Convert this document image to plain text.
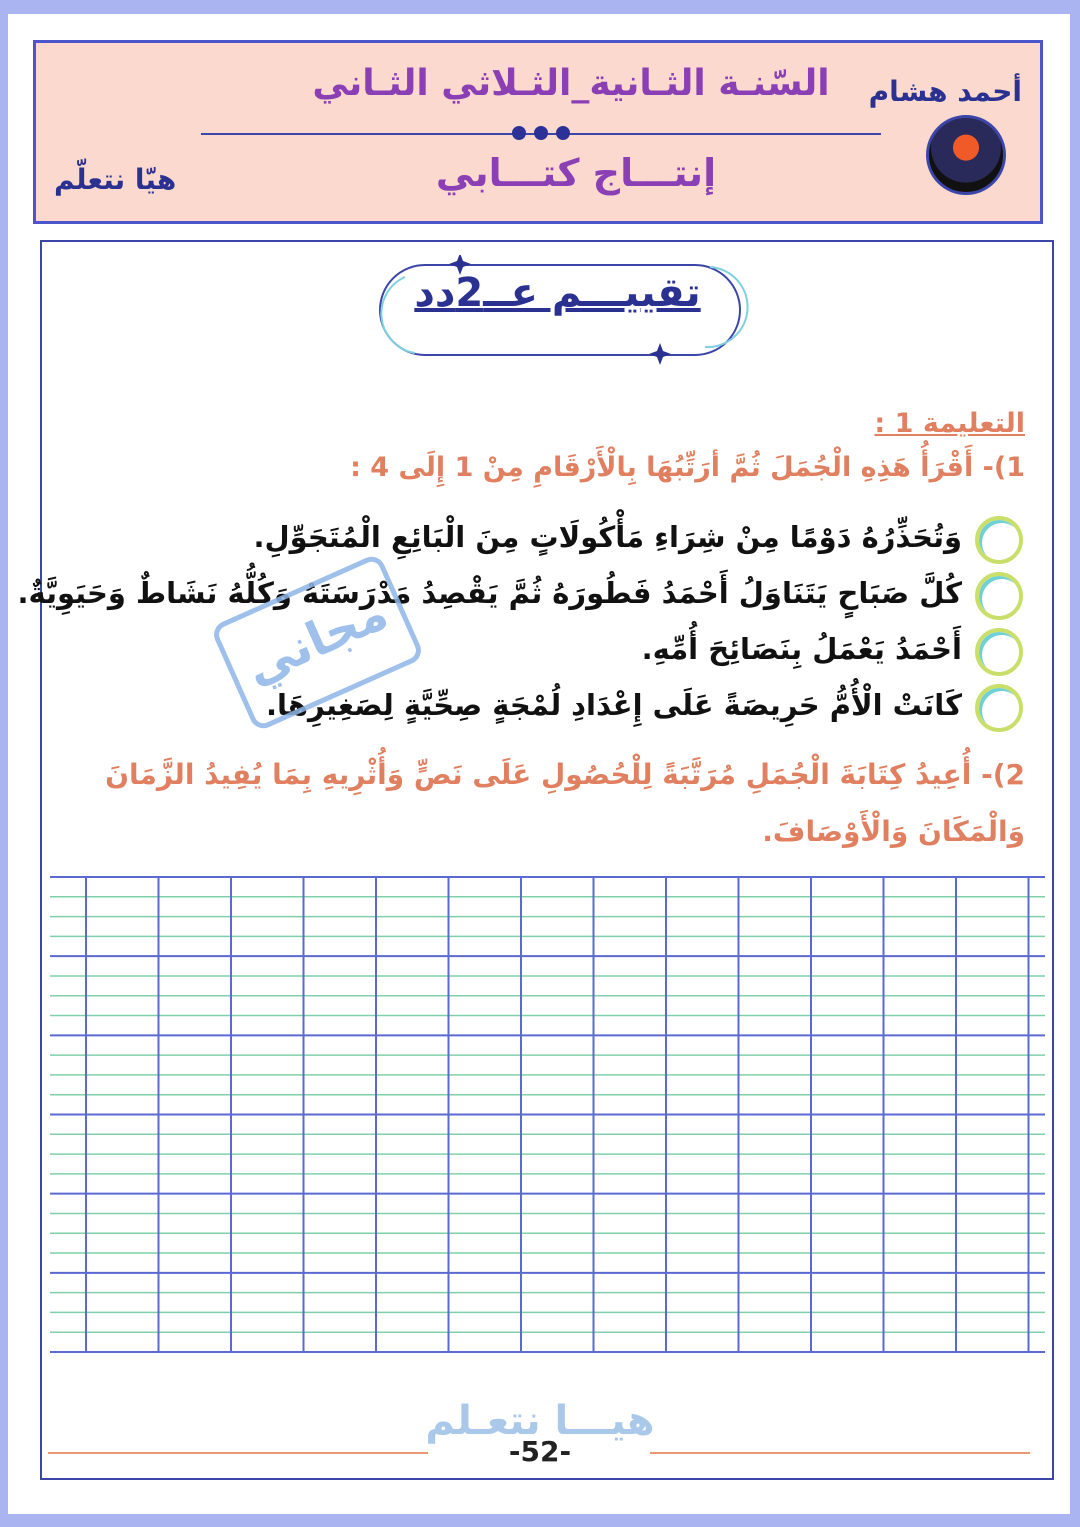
السّنـة الثـانية_الثـلاثي الثـاني
إنتـــاج كتـــابي
أحمد هشام
هيّا نتعلّم
تقييـــم عــ2دد
التعليمة 1 :
1)- أَقْرَأُ هَذِهِ الْجُمَلَ ثُمَّ أرَتِّبُهَا بِالْأَرْقَامِ مِنْ 1 إِلَى 4 :
وَتُحَذِّرُهُ دَوْمًا مِنْ شِرَاءِ مَأْكُولَاتٍ مِنَ الْبَائِعِ الْمُتَجَوِّلِ.
كُلَّ صَبَاحٍ يَتَنَاوَلُ أَحْمَدُ فَطُورَهُ ثُمَّ يَقْصِدُ مَدْرَسَتَهُ وَكُلُّهُ نَشَاطٌ وَحَيَوِيَّةٌ.
أَحْمَدُ يَعْمَلُ بِنَصَائِحَ أُمِّهِ.
كَانَتْ الْأُمُّ حَرِيصَةً عَلَى إِعْدَادِ لُمْجَةٍ صِحِّيَّةٍ لِصَغِيرِهَا.
مجاني
2)- أُعِيدُ كِتَابَةَ الْجُمَلِ مُرَتَّبَةً لِلْحُصُولِ عَلَى نَصٍّ وَأُثْرِيهِ بِمَا يُفِيدُ الزَّمَانَ
وَالْمَكَانَ وَالْأَوْصَافَ.
هيـــا نتعـلم
-52-
